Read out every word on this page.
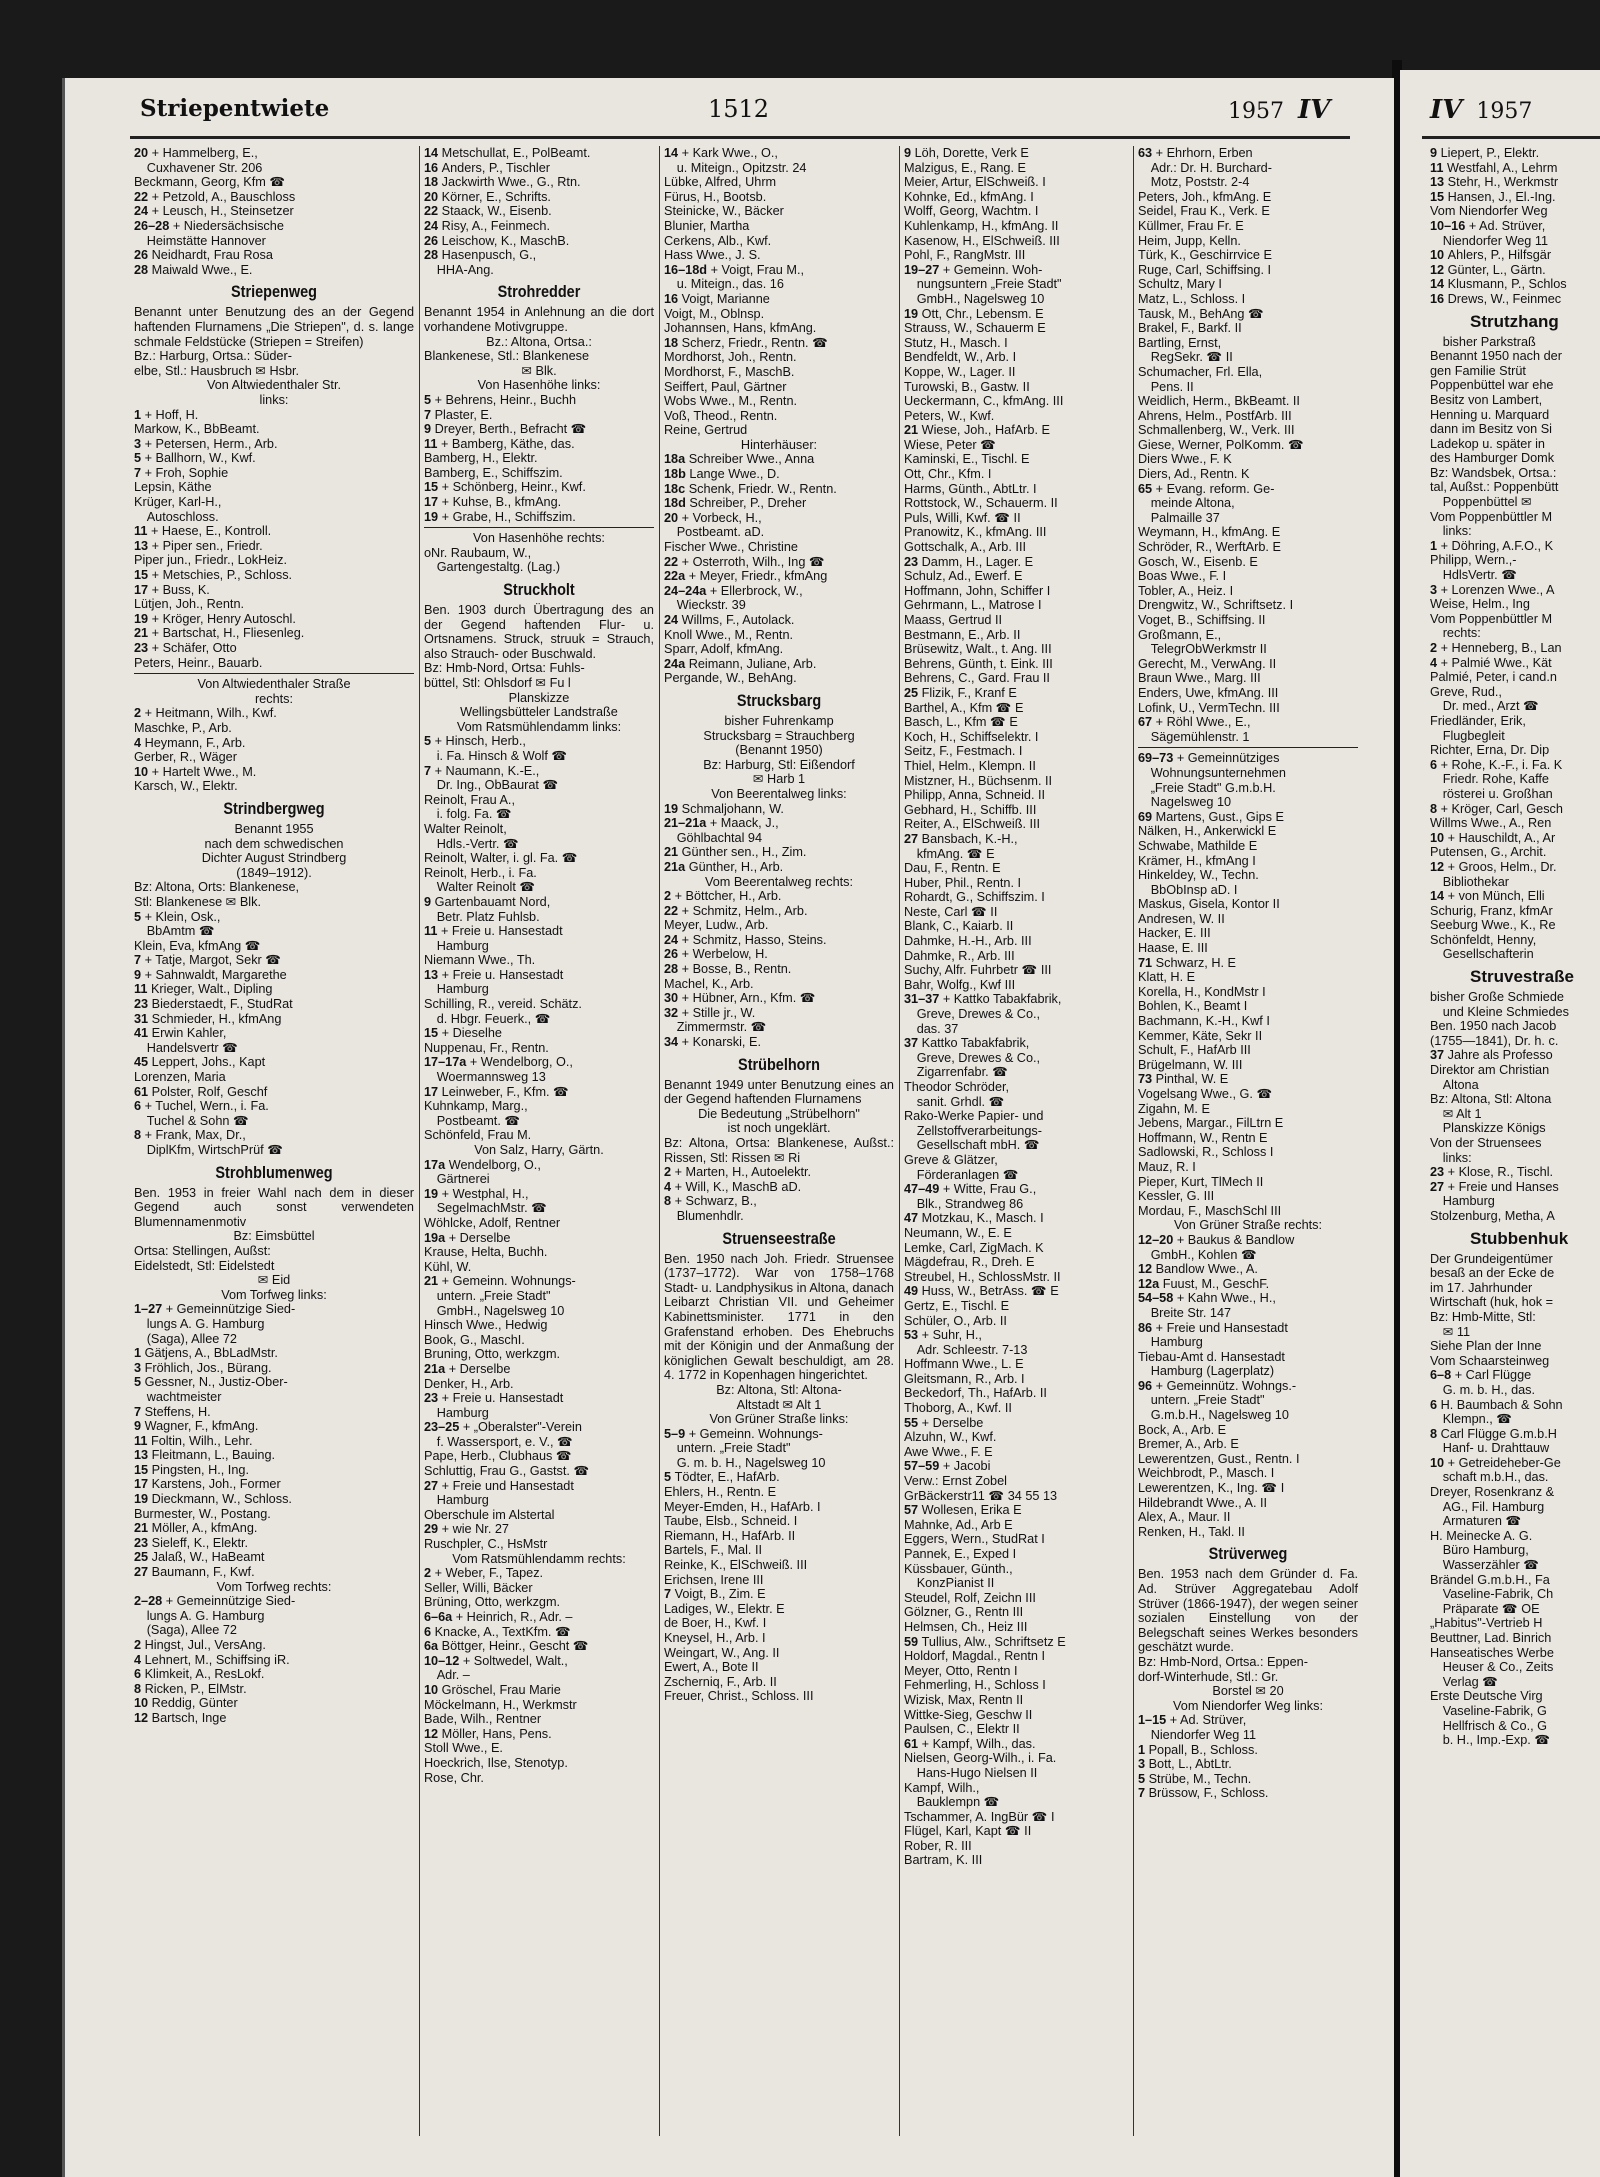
Striepentwiete	1512	1957 IV	IV 1957
20 + Hammelberg, E.,
 Cuxhavener Str. 206
Beckmann, Georg, Kfm ☎
22 + Petzold, A., Bauschloss
24 + Leusch, H., Steinsetzer
26–28 + Niedersächsische
 Heimstätte Hannover
26 Neidhardt, Frau Rosa
28 Maiwald Wwe., E.
Striepenweg
Benannt unter Benutzung des an der Gegend haftenden Flurnamens „Die Striepen", d. s. lange schmale Feldstücke (Striepen = Streifen)
Bz.: Harburg, Ortsa.: Süder-
elbe, Stl.: Hausbruch ✉ Hsbr.
Von Altwiedenthaler Str.
links:
1 + Hoff, H.
Markow, K., BbBeamt.
3 + Petersen, Herm., Arb.
5 + Ballhorn, W., Kwf.
7 + Froh, Sophie
Lepsin, Käthe
Krüger, Karl-H.,
 Autoschloss.
11 + Haese, E., Kontroll.
13 + Piper sen., Friedr.
Piper jun., Friedr., LokHeiz.
15 + Metschies, P., Schloss.
17 + Buss, K.
Lütjen, Joh., Rentn.
19 + Kröger, Henry Autoschl.
21 + Bartschat, H., Fliesenleg.
23 + Schäfer, Otto
Peters, Heinr., Bauarb.
Von Altwiedenthaler Straße
rechts:
2 + Heitmann, Wilh., Kwf.
Maschke, P., Arb.
4 Heymann, F., Arb.
Gerber, R., Wäger
10 + Hartelt Wwe., M.
Karsch, W., Elektr.
Strindbergweg
Benannt 1955
nach dem schwedischen
Dichter August Strindberg
(1849–1912).
Bz: Altona, Orts: Blankenese,
Stl: Blankenese ✉ Blk.
5 + Klein, Osk.,
 BbAmtm ☎
Klein, Eva, kfmAng ☎
7 + Tatje, Margot, Sekr ☎
9 + Sahnwaldt, Margarethe
11 Krieger, Walt., Dipling
23 Biederstaedt, F., StudRat
31 Schmieder, H., kfmAng
41 Erwin Kahler,
 Handelsvertr ☎
45 Leppert, Johs., Kapt
Lorenzen, Maria
61 Polster, Rolf, Geschf
6 + Tuchel, Wern., i. Fa.
 Tuchel & Sohn ☎
8 + Frank, Max, Dr.,
 DiplKfm, WirtschPrüf ☎
Strohblumenweg
Ben. 1953 in freier Wahl nach dem in dieser Gegend auch sonst verwendeten Blumennamenmotiv
Bz: Eimsbüttel
Ortsa: Stellingen, Außst:
Eidelstedt, Stl: Eidelstedt
✉ Eid
Vom Torfweg links:
1–27 + Gemeinnützige Sied-
 lungs A. G. Hamburg
 (Saga), Allee 72
1 Gätjens, A., BbLadMstr.
3 Fröhlich, Jos., Bürang.
5 Gessner, N., Justiz-Ober-
 wachtmeister
7 Steffens, H.
9 Wagner, F., kfmAng.
11 Foltin, Wilh., Lehr.
13 Fleitmann, L., Bauing.
15 Pingsten, H., Ing.
17 Karstens, Joh., Former
19 Dieckmann, W., Schloss.
Burmester, W., Postang.
21 Möller, A., kfmAng.
23 Sieleff, K., Elektr.
25 Jalaß, W., HaBeamt
27 Baumann, F., Kwf.
Vom Torfweg rechts:
2–28 + Gemeinnützige Sied-
 lungs A. G. Hamburg
 (Saga), Allee 72
2 Hingst, Jul., VersAng.
4 Lehnert, M., Schiffsing iR.
6 Klimkeit, A., ResLokf.
8 Ricken, P., ElMstr.
10 Reddig, Günter
12 Bartsch, Inge
14 Metschullat, E., PolBeamt.
16 Anders, P., Tischler
18 Jackwirth Wwe., G., Rtn.
20 Körner, E., Schrifts.
22 Staack, W., Eisenb.
24 Risy, A., Feinmech.
26 Leischow, K., MaschB.
28 Hasenpusch, G.,
 HHA-Ang.
Strohredder
Benannt 1954 in Anlehnung an die dort vorhandene Motivgruppe.
Bz.: Altona, Ortsa.:
Blankenese, Stl.: Blankenese
✉ Blk.
Von Hasenhöhe links:
5 + Behrens, Heinr., Buchh
7 Plaster, E.
9 Dreyer, Berth., Befracht ☎
11 + Bamberg, Käthe, das.
Bamberg, H., Elektr.
Bamberg, E., Schiffszim.
15 + Schönberg, Heinr., Kwf.
17 + Kuhse, B., kfmAng.
19 + Grabe, H., Schiffszim.
Von Hasenhöhe rechts:
oNr. Raubaum, W.,
 Gartengestaltg. (Lag.)
Struckholt
Ben. 1903 durch Übertragung des an der Gegend haftenden Flur- u. Ortsnamens. Struck, struuk = Strauch, also Strauch- oder Buschwald.
Bz: Hmb-Nord, Ortsa: Fuhls-
büttel, Stl: Ohlsdorf ✉ Fu l
Planskizze
Wellingsbütteler Landstraße
Vom Ratsmühlendamm links:
5 + Hinsch, Herb.,
 i. Fa. Hinsch & Wolf ☎
7 + Naumann, K.-E.,
 Dr. Ing., ObBaurat ☎
Reinolt, Frau A.,
 i. folg. Fa. ☎
Walter Reinolt,
 Hdls.-Vertr. ☎
Reinolt, Walter, i. gl. Fa. ☎
Reinolt, Herb., i. Fa.
 Walter Reinolt ☎
9 Gartenbauamt Nord,
 Betr. Platz Fuhlsb.
11 + Freie u. Hansestadt
 Hamburg
Niemann Wwe., Th.
13 + Freie u. Hansestadt
 Hamburg
Schilling, R., vereid. Schätz.
 d. Hbgr. Feuerk., ☎
15 + Dieselhe
Nuppenau, Fr., Rentn.
17–17a + Wendelborg, O.,
 Woermannsweg 13
17 Leinweber, F., Kfm. ☎
Kuhnkamp, Marg.,
 Postbeamt. ☎
Schönfeld, Frau M.
Von Salz, Harry, Gärtn.
17a Wendelborg, O.,
 Gärtnerei
19 + Westphal, H.,
 SegelmachMstr. ☎
Wöhlcke, Adolf, Rentner
19a + Derselbe
Krause, Helta, Buchh.
Kühl, W.
21 + Gemeinn. Wohnungs-
 untern. „Freie Stadt"
 GmbH., Nagelsweg 10
Hinsch Wwe., Hedwig
Book, G., MaschI.
Bruning, Otto, werkzgm.
21a + Derselbe
Denker, H., Arb.
23 + Freie u. Hansestadt
 Hamburg
23–25 + „Oberalster"-Verein
 f. Wassersport, e. V., ☎
Pape, Herb., Clubhaus ☎
Schluttig, Frau G., Gastst. ☎
27 + Freie und Hansestadt
 Hamburg
Oberschule im Alstertal
29 + wie Nr. 27
Ruschpler, C., HsMstr
Vom Ratsmühlendamm rechts:
2 + Weber, F., Tapez.
Seller, Willi, Bäcker
Brüning, Otto, werkzgm.
6–6a + Heinrich, R., Adr. –
6 Knacke, A., TextKfm. ☎
6a Böttger, Heinr., Gescht ☎
10–12 + Soltwedel, Walt.,
 Adr. –
10 Gröschel, Frau Marie
Möckelmann, H., Werkmstr
Bade, Wilh., Rentner
12 Möller, Hans, Pens.
Stoll Wwe., E.
Hoeckrich, Ilse, Stenotyp.
Rose, Chr.
14 + Kark Wwe., O.,
 u. Miteign., Opitzstr. 24
Lübke, Alfred, Uhrm
Fürus, H., Bootsb.
Steinicke, W., Bäcker
Blunier, Martha
Cerkens, Alb., Kwf.
Hass Wwe., J. S.
16–18d + Voigt, Frau M.,
 u. Miteign., das. 16
16 Voigt, Marianne
Voigt, M., Oblnsp.
Johannsen, Hans, kfmAng.
18 Scherz, Friedr., Rentn. ☎
Mordhorst, Joh., Rentn.
Mordhorst, F., MaschB.
Seiffert, Paul, Gärtner
Wobs Wwe., M., Rentn.
Voß, Theod., Rentn.
Reine, Gertrud
Hinterhäuser:
18a Schreiber Wwe., Anna
18b Lange Wwe., D.
18c Schenk, Friedr. W., Rentn.
18d Schreiber, P., Dreher
20 + Vorbeck, H.,
 Postbeamt. aD.
Fischer Wwe., Christine
22 + Osterroth, Wilh., Ing ☎
22a + Meyer, Friedr., kfmAng
24–24a + Ellerbrock, W.,
 Wieckstr. 39
24 Willms, F., Autolack.
Knoll Wwe., M., Rentn.
Sparr, Adolf, kfmAng.
24a Reimann, Juliane, Arb.
Pergande, W., BehAng.
Strucksbarg
bisher Fuhrenkamp
Strucksbarg = Strauchberg
(Benannt 1950)
Bz: Harburg, Stl: Eißendorf
✉ Harb 1
Von Beerentalweg links:
19 Schmaljohann, W.
21–21a + Maack, J.,
 Göhlbachtal 94
21 Günther sen., H., Zim.
21a Günther, H., Arb.
Vom Beerentalweg rechts:
2 + Böttcher, H., Arb.
22 + Schmitz, Helm., Arb.
Meyer, Ludw., Arb.
24 + Schmitz, Hasso, Steins.
26 + Werbelow, H.
28 + Bosse, B., Rentn.
Machel, K., Arb.
30 + Hübner, Arn., Kfm. ☎
32 + Stille jr., W.
 Zimmermstr. ☎
34 + Konarski, E.
Strübelhorn
Benannt 1949 unter Benutzung eines an der Gegend haftenden Flurnamens
Die Bedeutung „Strübelhorn"
ist noch ungeklärt.
Bz: Altona, Ortsa: Blankenese, Außst.: Rissen, Stl: Rissen ✉ Ri
2 + Marten, H., Autoelektr.
4 + Will, K., MaschB aD.
8 + Schwarz, B.,
 Blumenhdlr.
Struenseestraße
Ben. 1950 nach Joh. Friedr. Struensee (1737–1772). War von 1758–1768 Stadt- u. Landphysikus in Altona, danach Leibarzt Christian VII. und Geheimer Kabinettsminister. 1771 in den Grafenstand erhoben. Des Ehebruchs mit der Königin und der Anmaßung der königlichen Gewalt beschuldigt, am 28. 4. 1772 in Kopenhagen hingerichtet.
Bz: Altona, Stl: Altona-
Altstadt ✉ Alt 1
Von Grüner Straße links:
5–9 + Gemeinn. Wohnungs-
 untern. „Freie Stadt"
 G. m. b. H., Nagelsweg 10
5 Tödter, E., HafArb.
Ehlers, H., Rentn. E
Meyer-Emden, H., HafArb. I
Taube, Elsb., Schneid. I
Riemann, H., HafArb. II
Bartels, F., Mal. II
Reinke, K., ElSchweiß. III
Erichsen, Irene III
7 Voigt, B., Zim. E
Ladiges, W., Elektr. E
de Boer, H., Kwf. I
Kneysel, H., Arb. I
Weingart, W., Ang. II
Ewert, A., Bote II
Zscherniq, F., Arb. II
Freuer, Christ., Schloss. III
9 Löh, Dorette, Verk E
Malzigus, E., Rang. E
Meier, Artur, ElSchweiß. I
Kohnke, Ed., kfmAng. I
Wolff, Georg, Wachtm. I
Kuhlenkamp, H., kfmAng. II
Kasenow, H., ElSchweiß. III
Pohl, F., RangMstr. III
19–27 + Gemeinn. Woh-
 nungsuntern „Freie Stadt"
 GmbH., Nagelsweg 10
19 Ott, Chr., Lebensm. E
Strauss, W., Schauerm E
Stutz, H., Masch. I
Bendfeldt, W., Arb. I
Koppe, W., Lager. II
Turowski, B., Gastw. II
Ueckermann, C., kfmAng. III
Peters, W., Kwf.
21 Wiese, Joh., HafArb. E
Wiese, Peter ☎
Kaminski, E., Tischl. E
Ott, Chr., Kfm. I
Harms, Günth., AbtLtr. I
Rottstock, W., Schauerm. II
Puls, Willi, Kwf. ☎ II
Pranowitz, K., kfmAng. III
Gottschalk, A., Arb. III
23 Damm, H., Lager. E
Schulz, Ad., Ewerf. E
Hoffmann, John, Schiffer I
Gehrmann, L., Matrose I
Maass, Gertrud II
Bestmann, E., Arb. II
Brüsewitz, Walt., t. Ang. III
Behrens, Günth, t. Eink. III
Behrens, C., Gard. Frau II
25 Flizik, F., Kranf E
Barthel, A., Kfm ☎ E
Basch, L., Kfm ☎ E
Koch, H., Schiffselektr. I
Seitz, F., Festmach. I
Thiel, Helm., Klempn. II
Mistzner, H., Büchsenm. II
Philipp, Anna, Schneid. II
Gebhard, H., Schiffb. III
Reiter, A., ElSchweiß. III
27 Bansbach, K.-H.,
 kfmAng. ☎ E
Dau, F., Rentn. E
Huber, Phil., Rentn. I
Rohardt, G., Schiffszim. I
Neste, Carl ☎ II
Blank, C., Kaiarb. II
Dahmke, H.-H., Arb. III
Dahmke, R., Arb. III
Suchy, Alfr. Fuhrbetr ☎ III
Bahr, Wolfg., Kwf III
31–37 + Kattko Tabakfabrik,
 Greve, Drewes & Co.,
 das. 37
37 Kattko Tabakfabrik,
 Greve, Drewes & Co.,
 Zigarrenfabr. ☎
Theodor Schröder,
 sanit. Grhdl. ☎
Rako-Werke Papier- und
 Zellstoffverarbeitungs-
 Gesellschaft mbH. ☎
Greve & Glätzer,
 Förderanlagen ☎
47–49 + Witte, Frau G.,
 Blk., Strandweg 86
47 Motzkau, K., Masch. I
Neumann, W., E. E
Lemke, Carl, ZigMach. K
Mägdefrau, R., Dreh. E
Streubel, H., SchlossMstr. II
49 Huss, W., BetrAss. ☎ E
Gertz, E., Tischl. E
Schüler, O., Arb. II
53 + Suhr, H.,
 Adr. Schleestr. 7-13
Hoffmann Wwe., L. E
Gleitsmann, R., Arb. I
Beckedorf, Th., HafArb. II
Thoborg, A., Kwf. II
55 + Derselbe
Alzuhn, W., Kwf.
Awe Wwe., F. E
57–59 + Jacobi
Verw.: Ernst Zobel
GrBäckerstr11 ☎ 34 55 13
57 Wollesen, Erika E
Mahnke, Ad., Arb E
Eggers, Wern., StudRat I
Pannek, E., Exped I
Küssbauer, Günth.,
 KonzPianist II
Steudel, Rolf, Zeichn III
Gölzner, G., Rentn III
Helmsen, Ch., Heiz III
59 Tullius, Alw., Schriftsetz E
Holdorf, Magdal., Rentn I
Meyer, Otto, Rentn I
Fehmerling, H., Schloss I
Wizisk, Max, Rentn II
Wittke-Sieg, Geschw II
Paulsen, C., Elektr II
61 + Kampf, Wilh., das.
Nielsen, Georg-Wilh., i. Fa.
 Hans-Hugo Nielsen II
Kampf, Wilh.,
 Bauklempn ☎
Tschammer, A. IngBür ☎ I
Flügel, Karl, Kapt ☎ II
Rober, R. III
Bartram, K. III
63 + Ehrhorn, Erben
 Adr.: Dr. H. Burchard-
 Motz, Poststr. 2-4
Peters, Joh., kfmAng. E
Seidel, Frau K., Verk. E
Küllmer, Frau Fr. E
Heim, Jupp, Kelln.
Türk, K., Geschirrvice E
Ruge, Carl, Schiffsing. I
Schultz, Mary I
Matz, L., Schloss. I
Tausk, M., BehAng ☎
Brakel, F., Barkf. II
Bartling, Ernst,
 RegSekr. ☎ II
Schumacher, Frl. Ella,
 Pens. II
Weidlich, Herm., BkBeamt. II
Ahrens, Helm., PostfArb. III
Schmallenberg, W., Verk. III
Giese, Werner, PolKomm. ☎
Diers Wwe., F. K
Diers, Ad., Rentn. K
65 + Evang. reform. Ge-
 meinde Altona,
 Palmaille 37
Weymann, H., kfmAng. E
Schröder, R., WerftArb. E
Gosch, W., Eisenb. E
Boas Wwe., F. I
Tobler, A., Heiz. I
Drengwitz, W., Schriftsetz. I
Voget, B., Schiffsing. II
Großmann, E.,
 TelegrObWerkmstr II
Gerecht, M., VerwAng. II
Braun Wwe., Marg. III
Enders, Uwe, kfmAng. III
Lofink, U., VermTechn. III
67 + Röhl Wwe., E.,
 Sägemühlenstr. 1
69–73 + Gemeinnütziges
 Wohnungsunternehmen
 „Freie Stadt" G.m.b.H.
 Nagelsweg 10
69 Martens, Gust., Gips E
Nälken, H., Ankerwickl E
Schwabe, Mathilde E
Krämer, H., kfmAng I
Hinkeldey, W., Techn.
 BbObInsp aD. I
Maskus, Gisela, Kontor II
Andresen, W. II
Hacker, E. III
Haase, E. III
71 Schwarz, H. E
Klatt, H. E
Korella, H., KondMstr I
Bohlen, K., Beamt I
Bachmann, K.-H., Kwf I
Kemmer, Käte, Sekr II
Schult, F., HafArb III
Brügelmann, W. III
73 Pinthal, W. E
Vogelsang Wwe., G. ☎
Zigahn, M. E
Jebens, Margar., FilLtrn E
Hoffmann, W., Rentn E
Sadlowski, R., Schloss I
Mauz, R. I
Pieper, Kurt, TlMech II
Kessler, G. III
Mordau, F., MaschSchl III
Von Grüner Straße rechts:
12–20 + Baukus & Bandlow
 GmbH., Kohlen ☎
12 Bandlow Wwe., A.
12a Fuust, M., GeschF.
54–58 + Kahn Wwe., H.,
 Breite Str. 147
86 + Freie und Hansestadt
 Hamburg
Tiebau-Amt d. Hansestadt
 Hamburg (Lagerplatz)
96 + Gemeinnütz. Wohngs.-
 untern. „Freie Stadt"
 G.m.b.H., Nagelsweg 10
Bock, A., Arb. E
Bremer, A., Arb. E
Lewerentzen, Gust., Rentn. I
Weichbrodt, P., Masch. I
Lewerentzen, K., Ing. ☎ I
Hildebrandt Wwe., A. II
Alex, A., Maur. II
Renken, H., Takl. II
Strüverweg
Ben. 1953 nach dem Gründer d. Fa. Ad. Strüver Aggregatebau Adolf Strüver (1866-1947), der wegen seiner sozialen Einstellung von der Belegschaft seines Werkes besonders geschätzt wurde.
Bz: Hmb-Nord, Ortsa.: Eppen-
dorf-Winterhude, Stl.: Gr.
Borstel ✉ 20
Vom Niendorfer Weg links:
1–15 + Ad. Strüver,
 Niendorfer Weg 11
1 Popall, B., Schloss.
3 Bott, L., AbtLtr.
5 Strübe, M., Techn.
7 Brüssow, F., Schloss.
9 Liepert, P., Elektr.
11 Westfahl, A., Lehrm
13 Stehr, H., Werkmstr
15 Hansen, J., El.-Ing.
Vom Niendorfer Weg
10–16 + Ad. Strüver,
 Niendorfer Weg 11
10 Ahlers, P., Hilfsgär
12 Günter, L., Gärtn.
14 Klusmann, P., Schlos
16 Drews, W., Feinmec
Strutzhang
 bisher Parkstraß
Benannt 1950 nach der
gen Familie Strüt
Poppenbüttel war ehe
Besitz von Lambert,
Henning u. Marquard
dann im Besitz von Si
Ladekop u. später in
des Hamburger Domk
Bz: Wandsbek, Ortsa.:
tal, Außst.: Poppenbütt
 Poppenbüttel ✉
Vom Poppenbüttler M
 links:
1 + Döhring, A.F.O., K
Philipp, Wern.,-
 HdlsVertr. ☎
3 + Lorenzen Wwe., A
Weise, Helm., Ing
Vom Poppenbüttler M
 rechts:
2 + Henneberg, B., Lan
4 + Palmié Wwe., Kät
Palmié, Peter, i cand.n
Greve, Rud.,
 Dr. med., Arzt ☎
Friedländer, Erik,
 Flugbegleit
Richter, Erna, Dr. Dip
6 + Rohe, K.-F., i. Fa. K
 Friedr. Rohe, Kaffe
 rösterei u. Großhan
8 + Kröger, Carl, Gesch
Willms Wwe., A., Ren
10 + Hauschildt, A., Ar
Putensen, G., Archit.
12 + Groos, Helm., Dr.
 Bibliothekar
14 + von Münch, Elli
Schurig, Franz, kfmAr
Seeburg Wwe., K., Re
Schönfeldt, Henny,
 Gesellschafterin
Struvestraße
bisher Große Schmiede
 und Kleine Schmiedes
Ben. 1950 nach Jacob
(1755—1841), Dr. h. c.
37 Jahre als Professo
Direktor am Christian
 Altona
Bz: Altona, Stl: Altona
 ✉ Alt 1
 Planskizze Königs
Von der Struensees
 links:
23 + Klose, R., Tischl.
27 + Freie und Hanses
 Hamburg
Stolzenburg, Metha, A
Stubbenhuk
Der Grundeigentümer
besaß an der Ecke de
im 17. Jahrhunder
Wirtschaft (huk, hok =
Bz: Hmb-Mitte, Stl:
 ✉ 11
Siehe Plan der Inne
Vom Schaarsteinweg
6–8 + Carl Flügge
 G. m. b. H., das.
6 H. Baumbach & Sohn
 Klempn., ☎
8 Carl Flügge G.m.b.H
 Hanf- u. Drahttauw
10 + Getreideheber-Ge
 schaft m.b.H., das.
Dreyer, Rosenkranz &
 AG., Fil. Hamburg
 Armaturen ☎
H. Meinecke A. G.
 Büro Hamburg,
 Wasserzähler ☎
Brändel G.m.b.H., Fa
 Vaseline-Fabrik, Ch
 Präparate ☎ OE
„Habitus"-Vertrieb H
Beuttner, Lad. Binrich
Hanseatisches Werbe
 Heuser & Co., Zeits
 Verlag ☎
Erste Deutsche Virg
 Vaseline-Fabrik, G
 Hellfrisch & Co., G
 b. H., Imp.-Exp. ☎
